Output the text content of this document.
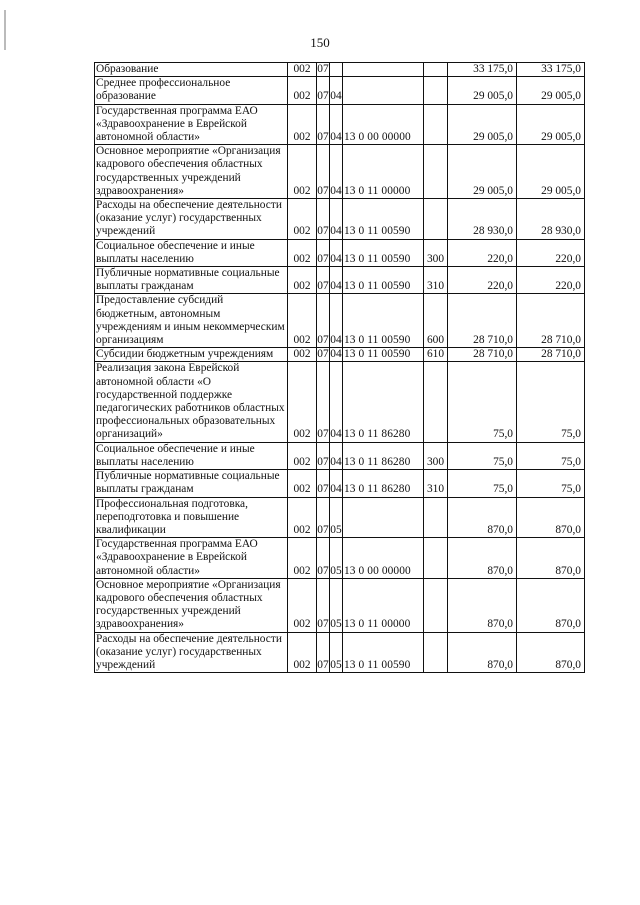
150
Образование	002	07				33 175,0	33 175,0
Среднее профессиональное образование	002	07	04			29 005,0	29 005,0
Государственная программа ЕАО «Здравоохранение в Еврейской автономной области»	002	07	04	13 0 00 00000		29 005,0	29 005,0
Основное мероприятие «Организация кадрового обеспечения областных государственных учреждений здравоохранения»	002	07	04	13 0 11 00000		29 005,0	29 005,0
Расходы на обеспечение деятельности (оказание услуг) государственных учреждений	002	07	04	13 0 11 00590		28 930,0	28 930,0
Социальное обеспечение и иные выплаты населению	002	07	04	13 0 11 00590	300	220,0	220,0
Публичные нормативные социальные выплаты гражданам	002	07	04	13 0 11 00590	310	220,0	220,0
Предоставление субсидий бюджетным, автономным учреждениям и иным некоммерческим организациям	002	07	04	13 0 11 00590	600	28 710,0	28 710,0
Субсидии бюджетным учреждениям	002	07	04	13 0 11 00590	610	28 710,0	28 710,0
Реализация закона Еврейской автономной области «О государственной поддержке педагогических работников областных профессиональных образовательных организаций»	002	07	04	13 0 11 86280		75,0	75,0
Социальное обеспечение и иные выплаты населению	002	07	04	13 0 11 86280	300	75,0	75,0
Публичные нормативные социальные выплаты гражданам	002	07	04	13 0 11 86280	310	75,0	75,0
Профессиональная подготовка, переподготовка и повышение квалификации	002	07	05			870,0	870,0
Государственная программа ЕАО «Здравоохранение в Еврейской автономной области»	002	07	05	13 0 00 00000		870,0	870,0
Основное мероприятие «Организация кадрового обеспечения областных государственных учреждений здравоохранения»	002	07	05	13 0 11 00000		870,0	870,0
Расходы на обеспечение деятельности (оказание услуг) государственных учреждений	002	07	05	13 0 11 00590		870,0	870,0
